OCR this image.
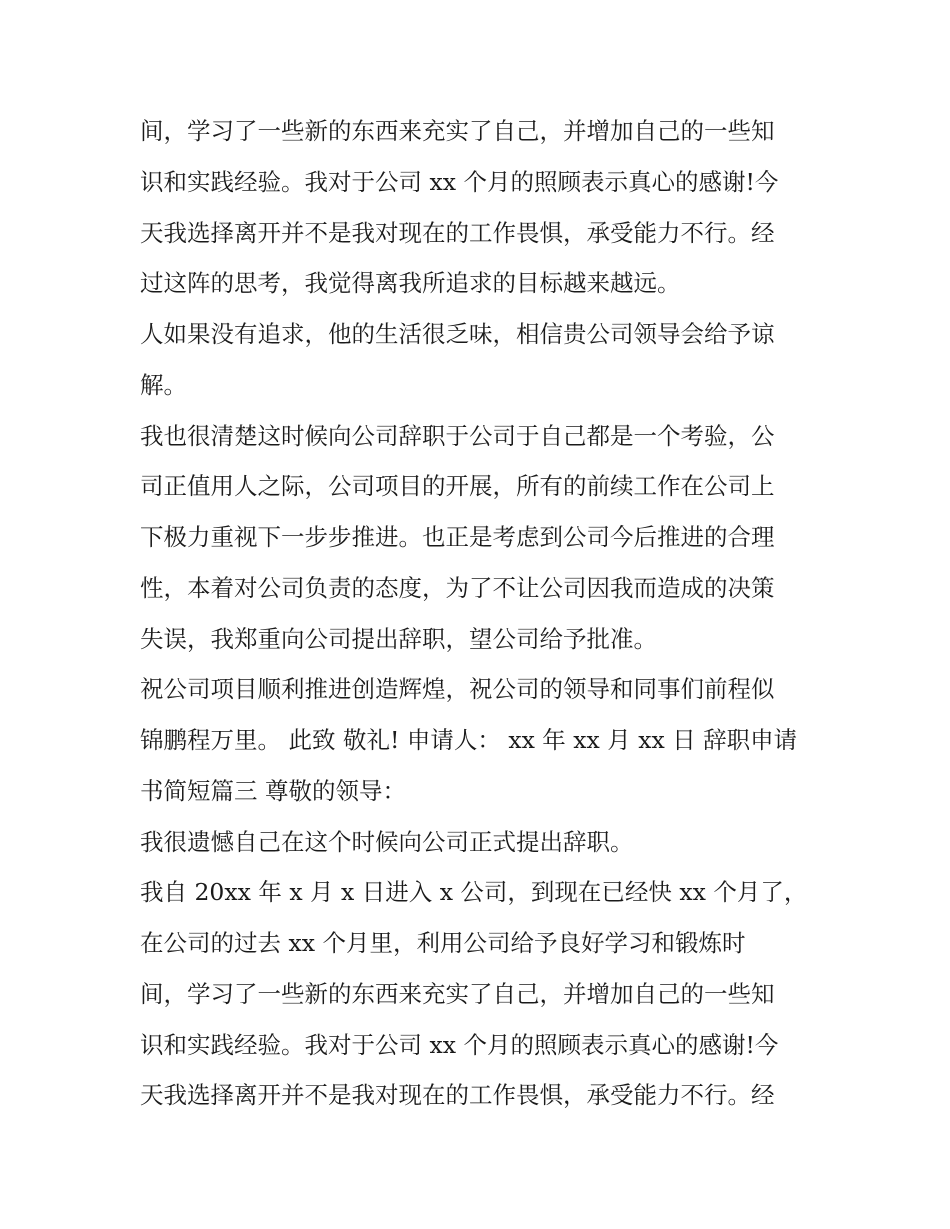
间，学习了一些新的东西来充实了自己，并增加自己的一些知
识和实践经验。我对于公司 xx 个月的照顾表示真心的感谢!今
天我选择离开并不是我对现在的工作畏惧，承受能力不行。经
过这阵的思考，我觉得离我所追求的目标越来越远。
人如果没有追求，他的生活很乏味，相信贵公司领导会给予谅
解。
我也很清楚这时候向公司辞职于公司于自己都是一个考验，公
司正值用人之际，公司项目的开展，所有的前续工作在公司上
下极力重视下一步步推进。也正是考虑到公司今后推进的合理
性，本着对公司负责的态度，为了不让公司因我而造成的决策
失误，我郑重向公司提出辞职，望公司给予批准。
祝公司项目顺利推进创造辉煌，祝公司的领导和同事们前程似
锦鹏程万里。 此致 敬礼! 申请人： xx 年 xx 月 xx 日 辞职申请
书简短篇三 尊敬的领导：
我很遗憾自己在这个时候向公司正式提出辞职。
我自 20xx 年 x 月 x 日进入 x 公司，到现在已经快 xx 个月了，
在公司的过去 xx 个月里，利用公司给予良好学习和锻炼时
间，学习了一些新的东西来充实了自己，并增加自己的一些知
识和实践经验。我对于公司 xx 个月的照顾表示真心的感谢!今
天我选择离开并不是我对现在的工作畏惧，承受能力不行。经
